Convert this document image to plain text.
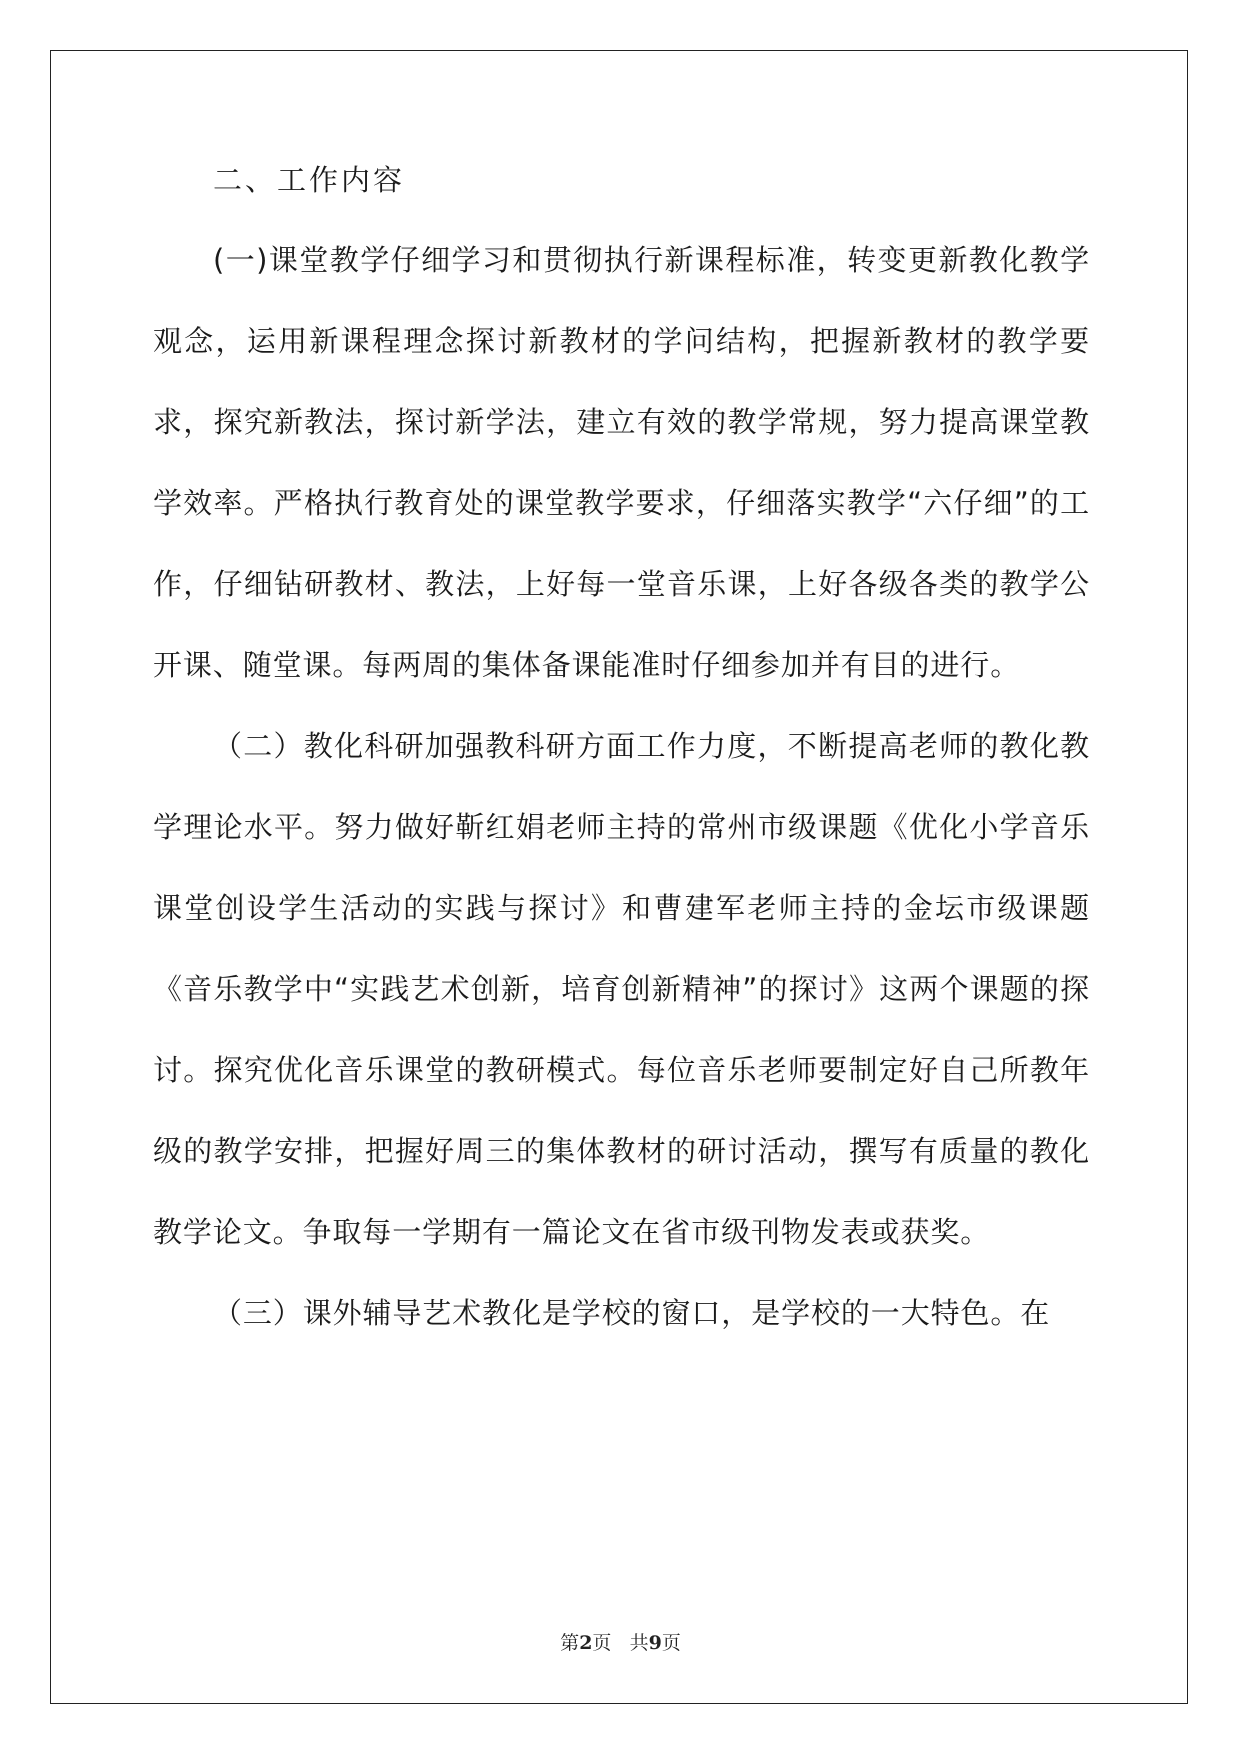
二、工作内容

(一)课堂教学仔细学习和贯彻执行新课程标准，转变更新教化教学观念，运用新课程理念探讨新教材的学问结构，把握新教材的教学要求，探究新教法，探讨新学法，建立有效的教学常规，努力提高课堂教学效率。严格执行教育处的课堂教学要求，仔细落实教学“六仔细”的工作，仔细钻研教材、教法，上好每一堂音乐课，上好各级各类的教学公开课、随堂课。每两周的集体备课能准时仔细参加并有目的进行。

（二）教化科研加强教科研方面工作力度，不断提高老师的教化教学理论水平。努力做好靳红娟老师主持的常州市级课题《优化小学音乐课堂创设学生活动的实践与探讨》和曹建军老师主持的金坛市级课题《音乐教学中“实践艺术创新，培育创新精神”的探讨》这两个课题的探讨。探究优化音乐课堂的教研模式。每位音乐老师要制定好自己所教年级的教学安排，把握好周三的集体教材的研讨活动，撰写有质量的教化教学论文。争取每一学期有一篇论文在省市级刊物发表或获奖。

（三）课外辅导艺术教化是学校的窗口，是学校的一大特色。在

第2页 共9页
